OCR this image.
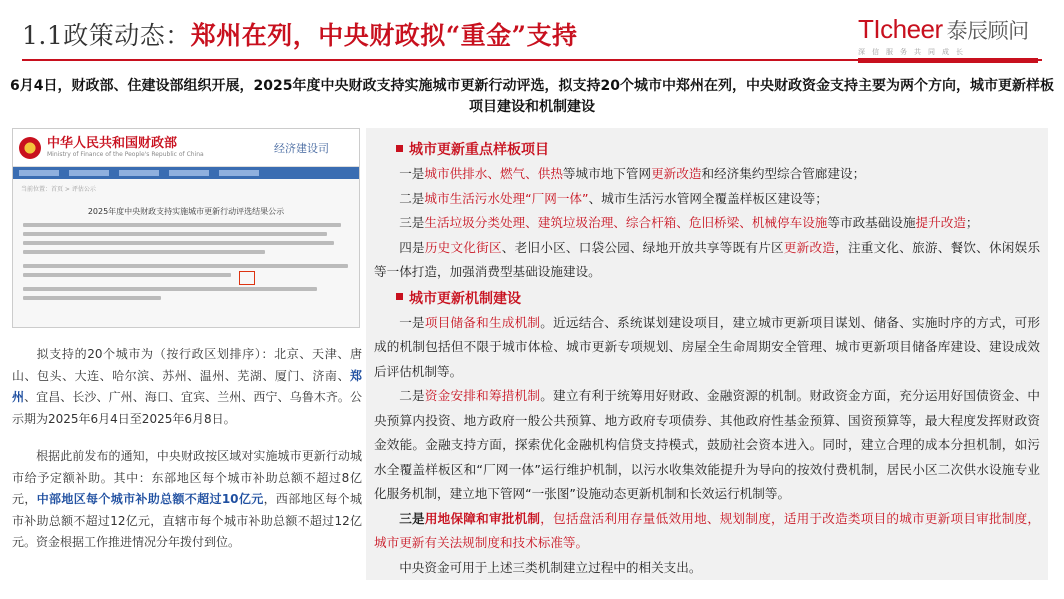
1.1政策动态：郑州在列，中央财政拟“重金”支持	TIcheer 泰辰顾问
深信服务共同成长
6月4日，财政部、住建设部组织开展，2025年度中央财政支持实施城市更新行动评选，拟支持20个城市中郑州在列，中央财政资金支持主要为两个方向，城市更新样板项目建设和机制建设
中华人民共和国财政部
Ministry of Finance of the People's Republic of China	经济建设司
当前位置：首页 > 评估公示
2025年度中央财政支持实施城市更新行动评选结果公示
拟支持的20个城市为（按行政区划排序）：北京、天津、唐山、包头、大连、哈尔滨、苏州、温州、芜湖、厦门、济南、郑州、宜昌、长沙、广州、海口、宜宾、兰州、西宁、乌鲁木齐。公示期为2025年6月4日至2025年6月8日。
根据此前发布的通知，中央财政按区域对实施城市更新行动城市给予定额补助。其中：东部地区每个城市补助总额不超过8亿元，中部地区每个城市补助总额不超过10亿元，西部地区每个城市补助总额不超过12亿元，直辖市每个城市补助总额不超过12亿元。资金根据工作推进情况分年拨付到位。
城市更新重点样板项目
一是城市供排水、燃气、供热等城市地下管网更新改造和经济集约型综合管廊建设；
二是城市生活污水处理“厂网一体”、城市生活污水管网全覆盖样板区建设等；
三是生活垃圾分类处理、建筑垃圾治理、综合杆箱、危旧桥梁、机械停车设施等市政基础设施提升改造；
四是历史文化街区、老旧小区、口袋公园、绿地开放共享等既有片区更新改造，注重文化、旅游、餐饮、休闲娱乐等一体打造，加强消费型基础设施建设。
城市更新机制建设
一是项目储备和生成机制。近远结合、系统谋划建设项目，建立城市更新项目谋划、储备、实施时序的方式，可形成的机制包括但不限于城市体检、城市更新专项规划、房屋全生命周期安全管理、城市更新项目储备库建设、建设成效后评估机制等。
二是资金安排和筹措机制。建立有利于统筹用好财政、金融资源的机制。财政资金方面，充分运用好国债资金、中央预算内投资、地方政府一般公共预算、地方政府专项债券、其他政府性基金预算、国资预算等，最大程度发挥财政资金效能。金融支持方面，探索优化金融机构信贷支持模式，鼓励社会资本进入。同时，建立合理的成本分担机制，如污水全覆盖样板区和“厂网一体”运行维护机制，以污水收集效能提升为导向的按效付费机制，居民小区二次供水设施专业化服务机制，建立地下管网“一张图”设施动态更新机制和长效运行机制等。
三是用地保障和审批机制，包括盘活利用存量低效用地、规划制度，适用于改造类项目的城市更新项目审批制度，城市更新有关法规制度和技术标准等。
中央资金可用于上述三类机制建立过程中的相关支出。
